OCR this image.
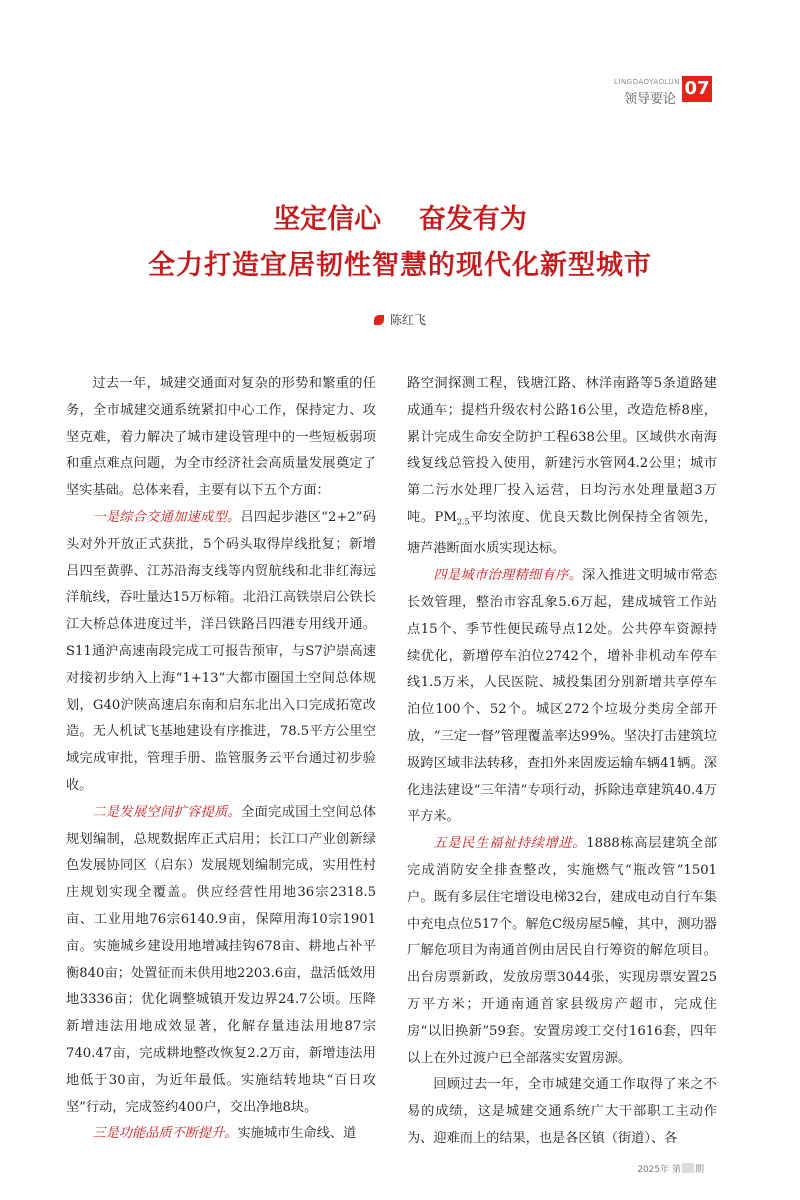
LINGDAOYAOLUN
领导要论
07
坚定信心    奋发有为
全力打造宜居韧性智慧的现代化新型城市
陈红飞

过去一年，城建交通面对复杂的形势和繁重的任务，全市城建交通系统紧扣中心工作，保持定力、攻坚克难，着力解决了城市建设管理中的一些短板弱项和重点难点问题，为全市经济社会高质量发展奠定了坚实基础。总体来看，主要有以下五个方面：

一是综合交通加速成型。吕四起步港区“2+2”码头对外开放正式获批，5个码头取得岸线批复；新增吕四至黄骅、江苏沿海支线等内贸航线和北非红海远洋航线，吞吐量达15万标箱。北沿江高铁崇启公铁长江大桥总体进度过半，洋吕铁路吕四港专用线开通。S11通沪高速南段完成工可报告预审，与S7沪崇高速对接初步纳入上海“1+13”大都市圈国土空间总体规划，G40沪陕高速启东南和启东北出入口完成拓宽改造。无人机试飞基地建设有序推进，78.5平方公里空域完成审批，管理手册、监管服务云平台通过初步验收。

二是发展空间扩容提质。全面完成国土空间总体规划编制，总规数据库正式启用；长江口产业创新绿色发展协同区（启东）发展规划编制完成，实用性村庄规划实现全覆盖。供应经营性用地36宗2318.5亩、工业用地76宗6140.9亩，保障用海10宗1901亩。实施城乡建设用地增减挂钩678亩、耕地占补平衡840亩；处置征而未供用地2203.6亩，盘活低效用地3336亩；优化调整城镇开发边界24.7公顷。压降新增违法用地成效显著，化解存量违法用地87宗740.47亩，完成耕地整改恢复2.2万亩，新增违法用地低于30亩，为近年最低。实施结转地块“百日攻坚”行动，完成签约400户，交出净地8块。

三是功能品质不断提升。实施城市生命线、道

路空洞探测工程，钱塘江路、林洋南路等5条道路建成通车；提档升级农村公路16公里，改造危桥8座，累计完成生命安全防护工程638公里。区域供水南海线复线总管投入使用，新建污水管网4.2公里；城市第二污水处理厂投入运营，日均污水处理量超3万吨。$PM_{2.5}$平均浓度、优良天数比例保持全省领先，塘芦港断面水质实现达标。

四是城市治理精细有序。深入推进文明城市常态长效管理，整治市容乱象5.6万起，建成城管工作站点15个、季节性便民疏导点12处。公共停车资源持续优化，新增停车泊位2742个，增补非机动车停车线1.5万米，人民医院、城投集团分别新增共享停车泊位100个、52个。城区272个垃圾分类房全部开放，“三定一督”管理覆盖率达99%。坚决打击建筑垃圾跨区域非法转移，查扣外来固废运输车辆41辆。深化违法建设“三年清”专项行动，拆除违章建筑40.4万平方米。

五是民生福祉持续增进。1888栋高层建筑全部完成消防安全排查整改，实施燃气“瓶改管”1501户。既有多层住宅增设电梯32台，建成电动自行车集中充电点位517个。解危C级房屋5幢，其中，测功器厂解危项目为南通首例由居民自行筹资的解危项目。出台房票新政，发放房票3044张，实现房票安置25万平方米；开通南通首家县级房产超市，完成住房“以旧换新”59套。安置房竣工交付1616套，四年以上在外过渡户已全部落实安置房源。

回顾过去一年，全市城建交通工作取得了来之不易的成绩，这是城建交通系统广大干部职工主动作为、迎难而上的结果，也是各区镇（街道）、各

2025年 第 期
